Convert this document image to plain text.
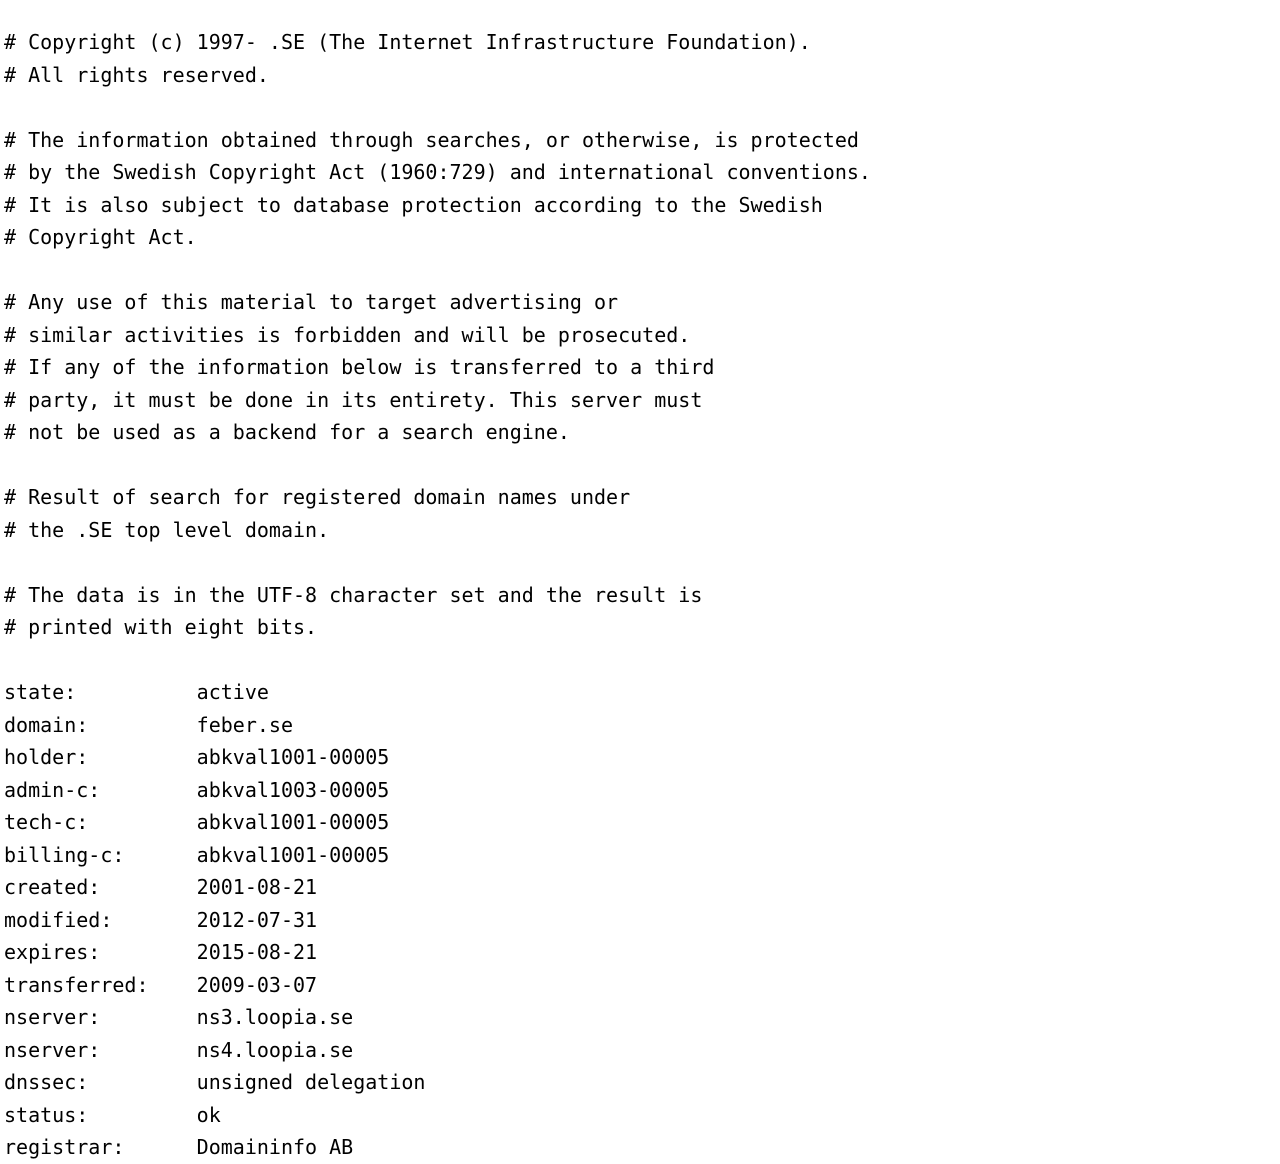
# Copyright (c) 1997- .SE (The Internet Infrastructure Foundation).
# All rights reserved.

# The information obtained through searches, or otherwise, is protected
# by the Swedish Copyright Act (1960:729) and international conventions.
# It is also subject to database protection according to the Swedish
# Copyright Act.

# Any use of this material to target advertising or
# similar activities is forbidden and will be prosecuted.
# If any of the information below is transferred to a third
# party, it must be done in its entirety. This server must
# not be used as a backend for a search engine.

# Result of search for registered domain names under
# the .SE top level domain.

# The data is in the UTF-8 character set and the result is
# printed with eight bits.

state:	active
domain:	feber.se
holder:	abkval1001-00005
admin-c:	abkval1003-00005
tech-c:	abkval1001-00005
billing-c:	abkval1001-00005
created:	2001-08-21
modified:	2012-07-31
expires:	2015-08-21
transferred: 2009-03-07
nserver:	ns3.loopia.se
nserver:	ns4.loopia.se
dnssec:	unsigned delegation
status:	ok
registrar:	Domaininfo AB
